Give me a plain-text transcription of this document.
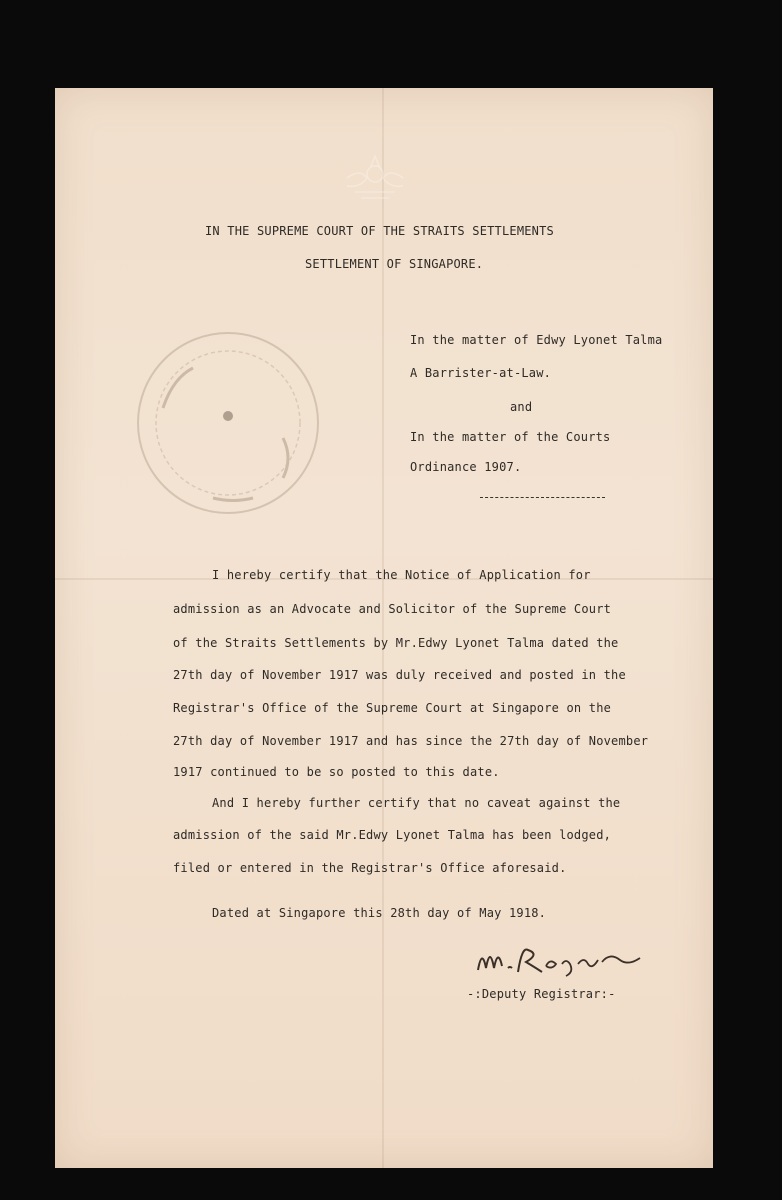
IN THE SUPREME COURT OF THE STRAITS SETTLEMENTS
SETTLEMENT OF SINGAPORE.
In the matter of Edwy Lyonet Talma
A Barrister-at-Law.
and
In the matter of the Courts
Ordinance 1907.
I hereby certify that the Notice of Application for
admission as an Advocate and Solicitor of the Supreme Court
of the Straits Settlements by Mr.Edwy Lyonet Talma dated the
27th day of November 1917 was duly received and posted in the
Registrar's Office of the Supreme Court at Singapore on the
27th day of November 1917 and has since the 27th day of November
1917 continued to be so posted to this date.
And I hereby further certify that no caveat against the
admission of the said Mr.Edwy Lyonet Talma has been lodged,
filed or entered in the Registrar's Office aforesaid.
Dated at Singapore this 28th day of May 1918.
-:Deputy Registrar:-
